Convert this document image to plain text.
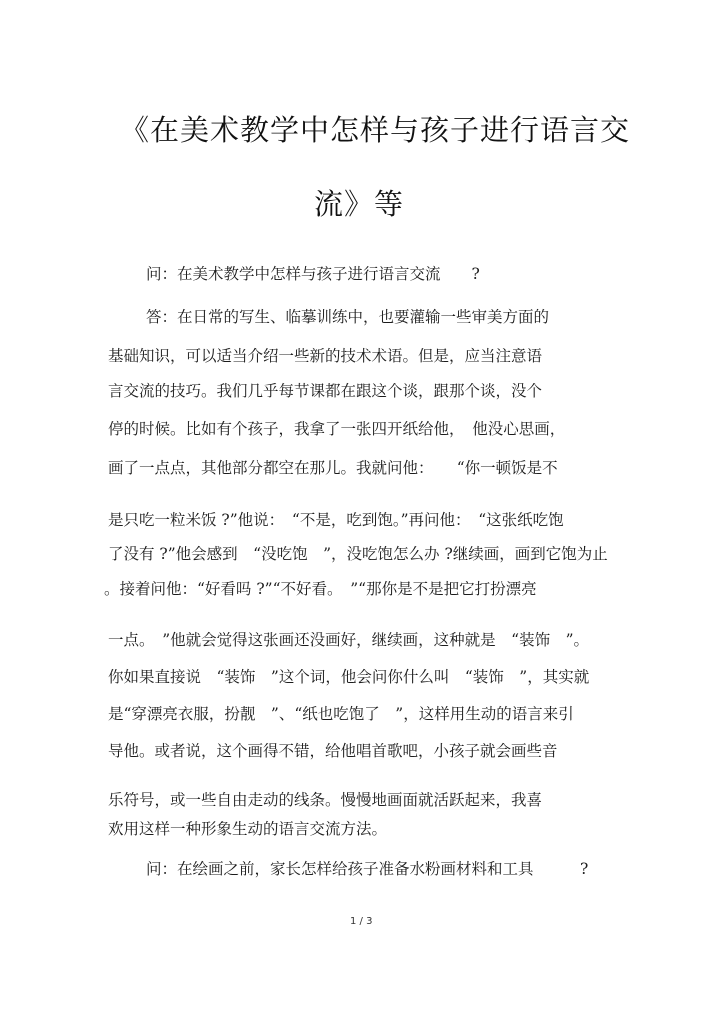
《在美术教学中怎样与孩子进行语言交
流》等
问：在美术教学中怎样与孩子进行语言交流　　?
答：在日常的写生、临摹训练中，也要灌输一些审美方面的
基础知识，可以适当介绍一些新的技术术语。但是，应当注意语
言交流的技巧。我们几乎每节课都在跟这个谈，跟那个谈，没个
停的时候。比如有个孩子，我拿了一张四开纸给他，　他没心思画，
画了一点点，其他部分都空在那儿。我就问他：　　“你一顿饭是不
是只吃一粒米饭 ?”他说：　“不是，吃到饱。”再问他：　“这张纸吃饱
了没有 ?”他会感到　“没吃饱　”，没吃饱怎么办 ?继续画，画到它饱为止
。接着问他：“好看吗 ?”“不好看。　”“那你是不是把它打扮漂亮
一点。　”他就会觉得这张画还没画好，继续画，这种就是　“装饰　”。
你如果直接说　“装饰　”这个词，他会问你什么叫　“装饰　”，其实就
是“穿漂亮衣服，扮靓　”、“纸也吃饱了　”，这样用生动的语言来引
导他。或者说，这个画得不错，给他唱首歌吧，小孩子就会画些音
乐符号，或一些自由走动的线条。慢慢地画面就活跃起来，我喜
欢用这样一种形象生动的语言交流方法。
问：在绘画之前，家长怎样给孩子准备水粉画材料和工具　　　?
1 / 3
